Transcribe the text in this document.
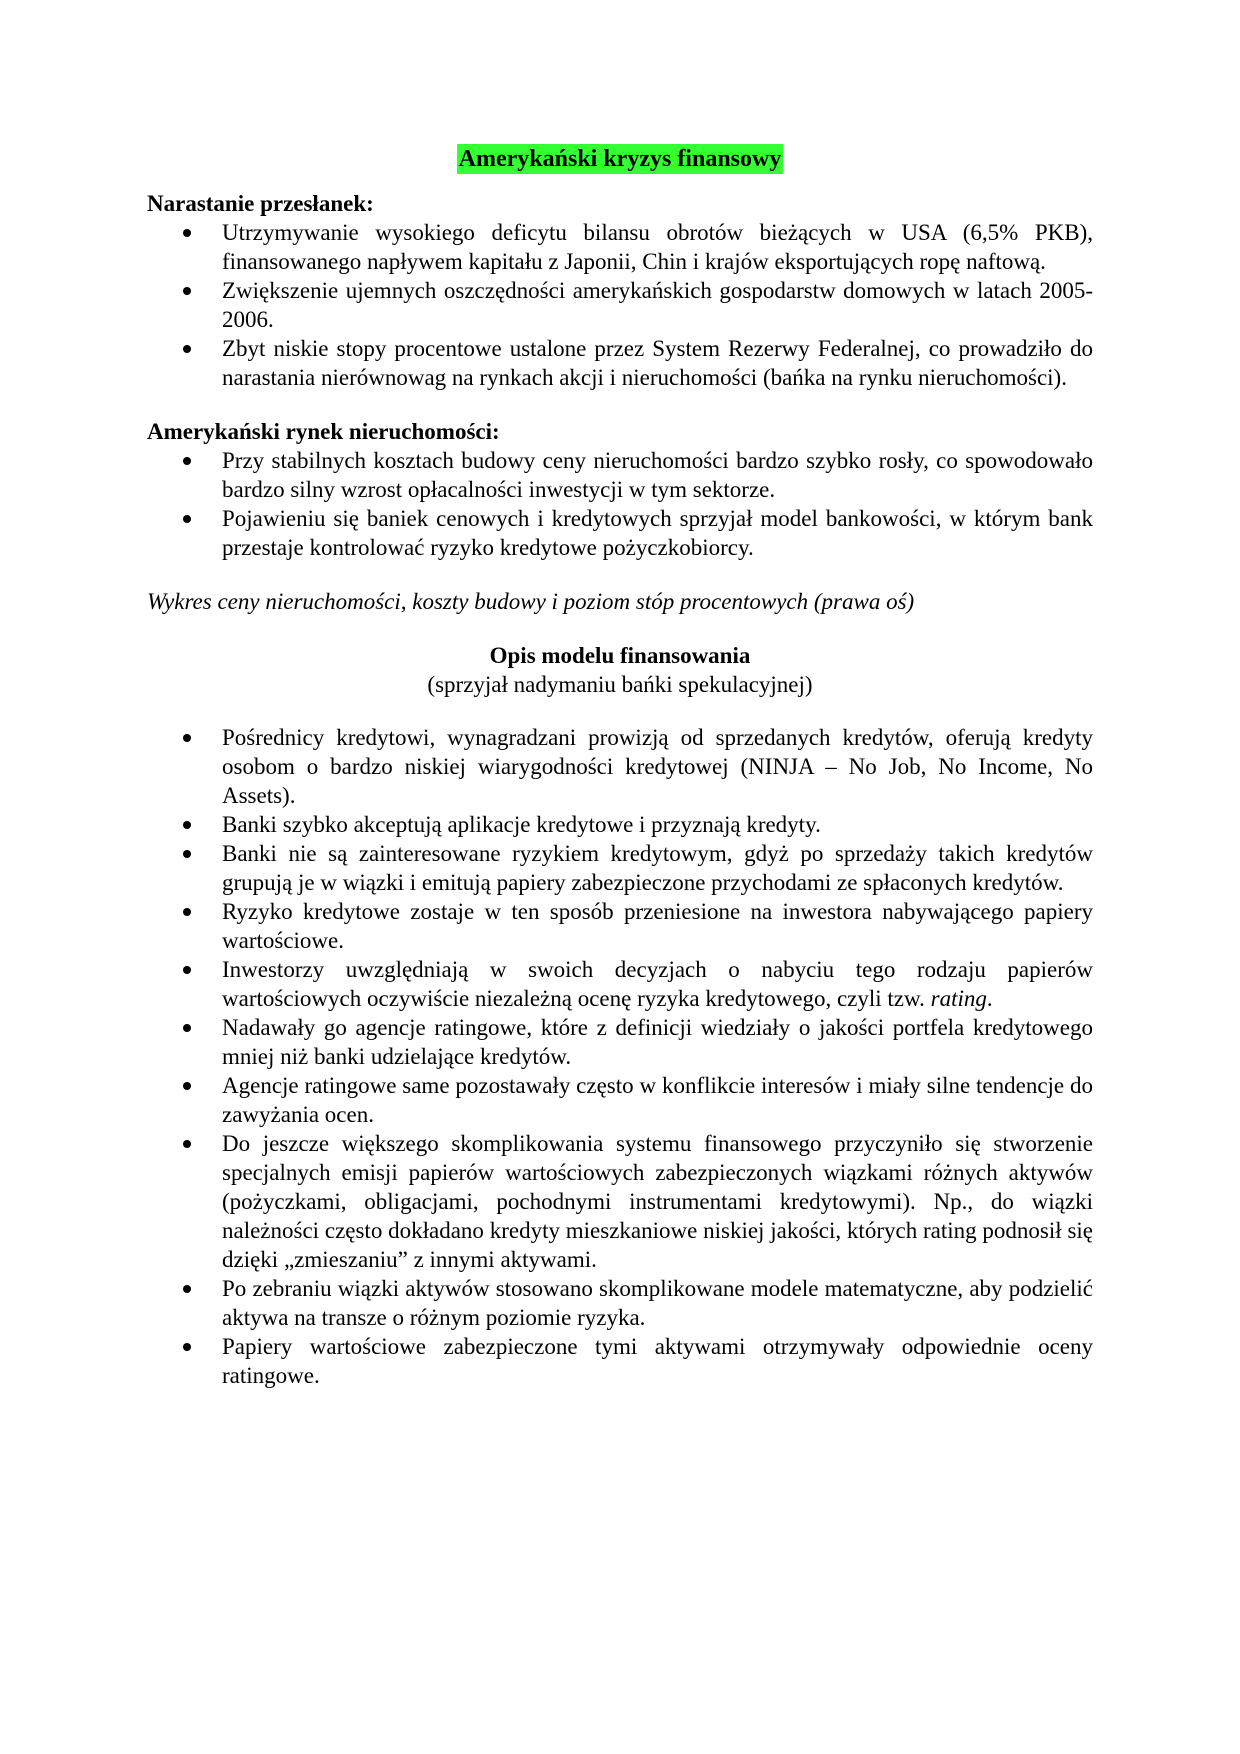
Amerykański kryzys finansowy
Narastanie przesłanek:
Utrzymywanie wysokiego deficytu bilansu obrotów bieżących w USA (6,5% PKB), finansowanego napływem kapitału z Japonii, Chin i krajów eksportujących ropę naftową.
Zwiększenie ujemnych oszczędności amerykańskich gospodarstw domowych w latach 2005-2006.
Zbyt niskie stopy procentowe ustalone przez System Rezerwy Federalnej, co prowadziło do narastania nierównowag na rynkach akcji i nieruchomości (bańka na rynku nieruchomości).
Amerykański rynek nieruchomości:
Przy stabilnych kosztach budowy ceny nieruchomości bardzo szybko rosły, co spowodowało bardzo silny wzrost opłacalności inwestycji w tym sektorze.
Pojawieniu się baniek cenowych i kredytowych sprzyjał model bankowości, w którym bank przestaje kontrolować ryzyko kredytowe pożyczkobiorcy.
Wykres ceny nieruchomości, koszty budowy i poziom stóp procentowych (prawa oś)
Opis modelu finansowania
(sprzyjał nadymaniu bańki spekulacyjnej)
Pośrednicy kredytowi, wynagradzani prowizją od sprzedanych kredytów, oferują kredyty osobom o bardzo niskiej wiarygodności kredytowej (NINJA – No Job, No Income, No Assets).
Banki szybko akceptują aplikacje kredytowe i przyznają kredyty.
Banki nie są zainteresowane ryzykiem kredytowym, gdyż po sprzedaży takich kredytów grupują je w wiązki i emitują papiery zabezpieczone przychodami ze spłaconych kredytów.
Ryzyko kredytowe zostaje w ten sposób przeniesione na inwestora nabywającego papiery wartościowe.
Inwestorzy uwzględniają w swoich decyzjach o nabyciu tego rodzaju papierów wartościowych oczywiście niezależną ocenę ryzyka kredytowego, czyli tzw. rating.
Nadawały go agencje ratingowe, które z definicji wiedziały o jakości portfela kredytowego mniej niż banki udzielające kredytów.
Agencje ratingowe same pozostawały często w konflikcie interesów i miały silne tendencje do zawyżania ocen.
Do jeszcze większego skomplikowania systemu finansowego przyczyniło się stworzenie specjalnych emisji papierów wartościowych zabezpieczonych wiązkami różnych aktywów (pożyczkami, obligacjami, pochodnymi instrumentami kredytowymi). Np., do wiązki należności często dokładano kredyty mieszkaniowe niskiej jakości, których rating podnosił się dzięki „zmieszaniu” z innymi aktywami.
Po zebraniu wiązki aktywów stosowano skomplikowane modele matematyczne, aby podzielić aktywa na transze o różnym poziomie ryzyka.
Papiery wartościowe zabezpieczone tymi aktywami otrzymywały odpowiednie oceny ratingowe.
